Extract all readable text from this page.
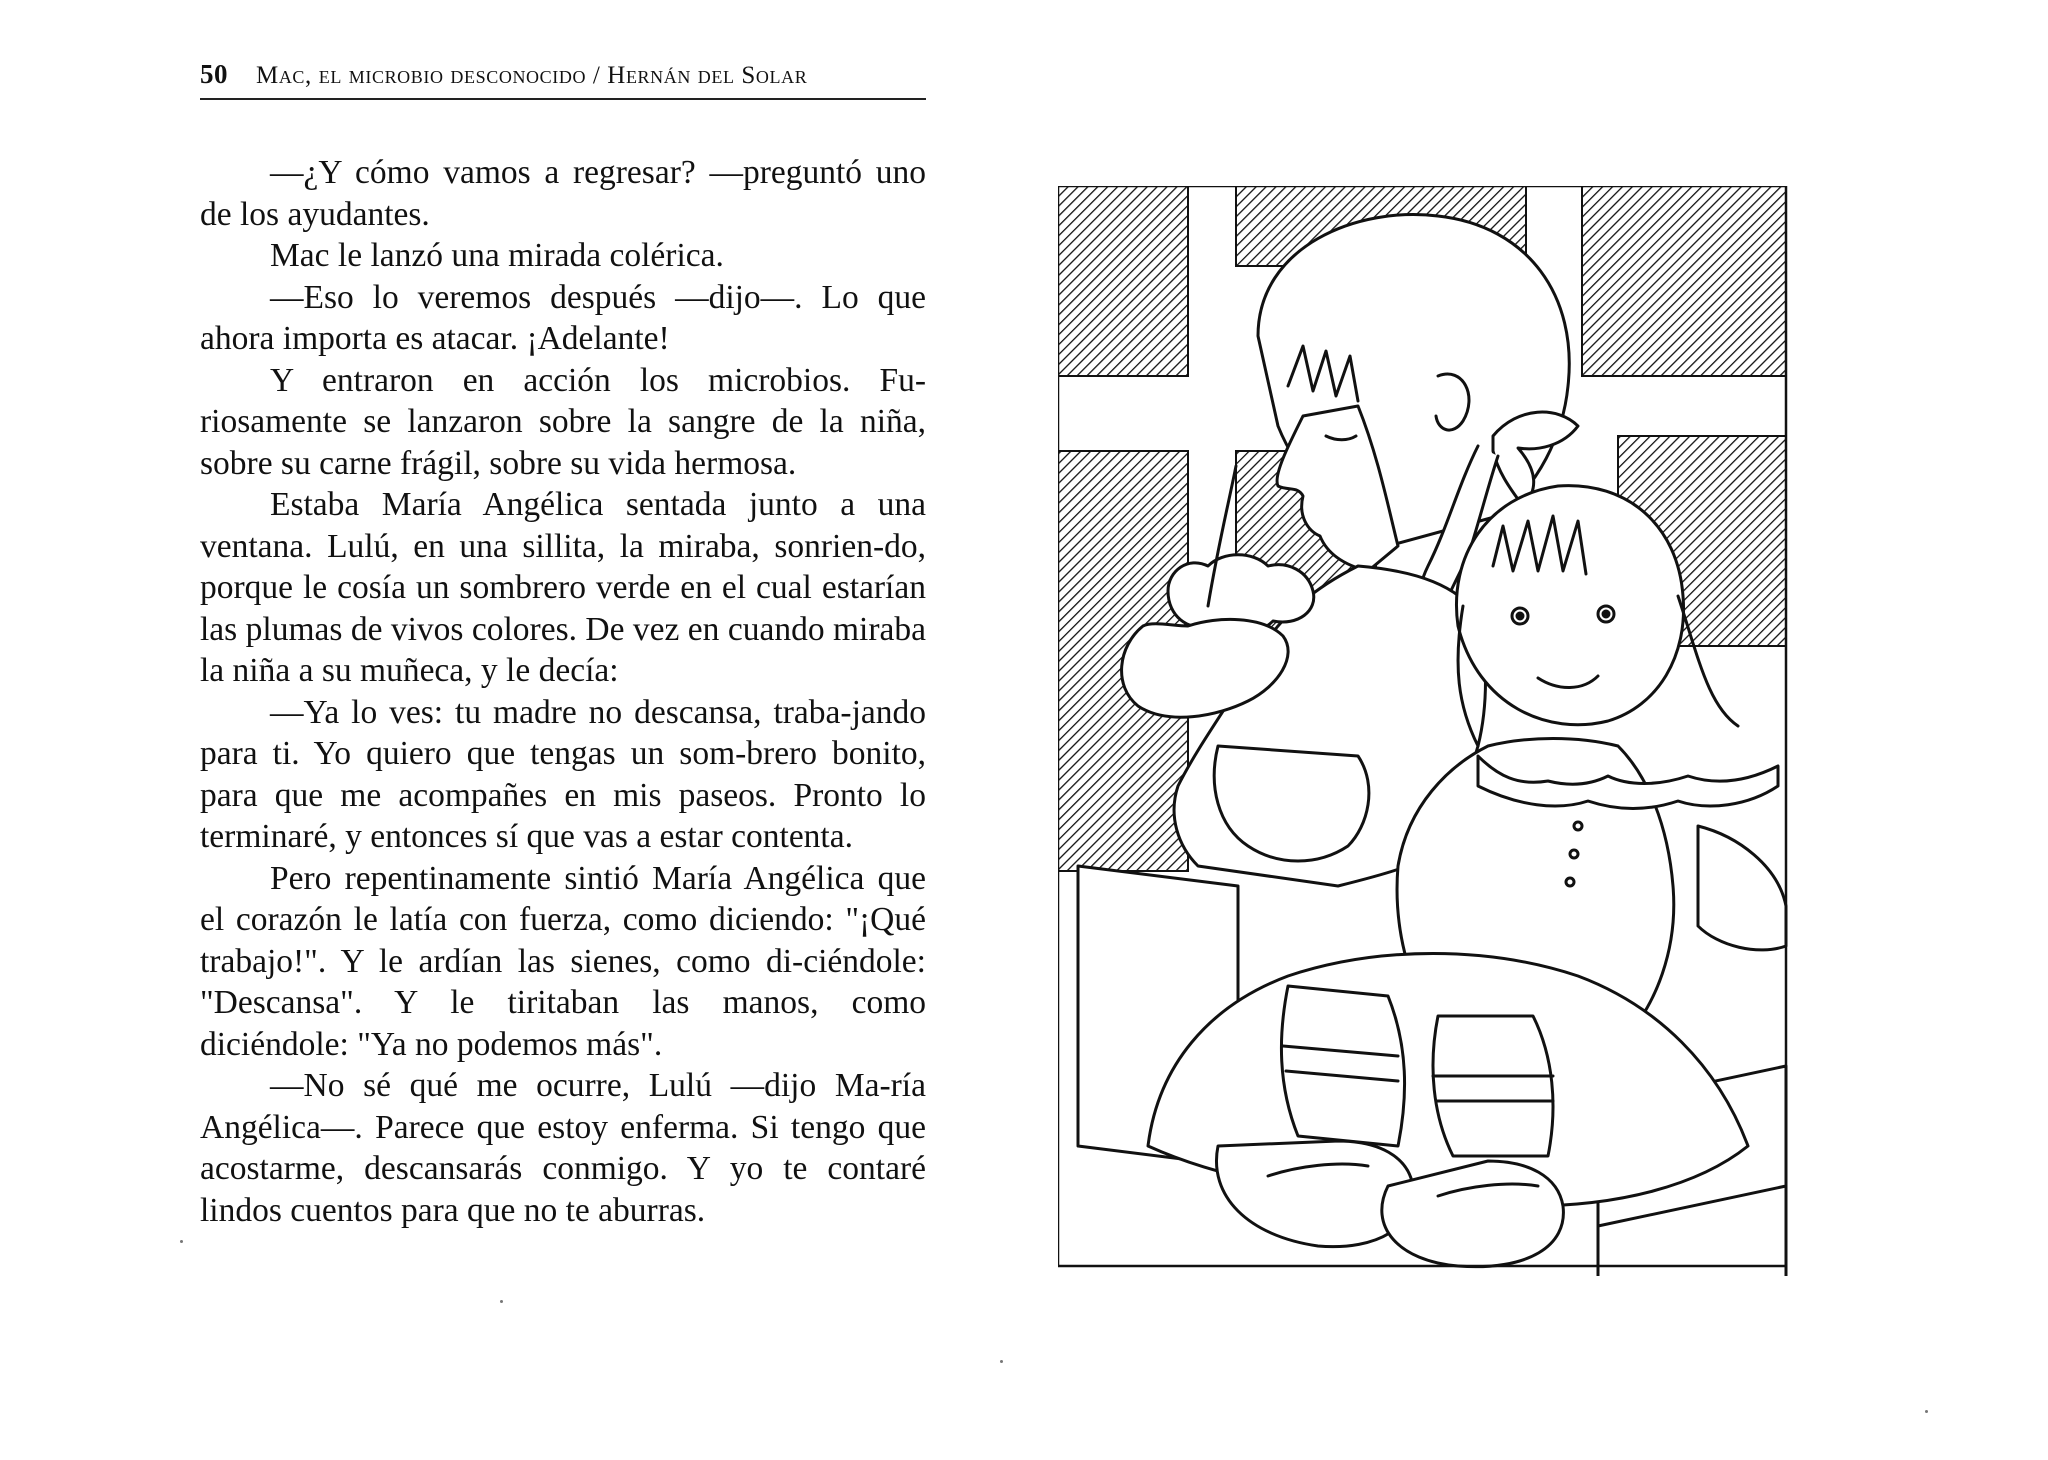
50 Mac, el microbio desconocido / Hernán del Solar

—¿Y cómo vamos a regresar? —preguntó uno de los ayudantes.

Mac le lanzó una mirada colérica.

—Eso lo veremos después —dijo—. Lo que ahora importa es atacar. ¡Adelante!

Y entraron en acción los microbios. Fu-riosamente se lanzaron sobre la sangre de la niña, sobre su carne frágil, sobre su vida hermosa.

Estaba María Angélica sentada junto a una ventana. Lulú, en una sillita, la miraba, sonrien-do, porque le cosía un sombrero verde en el cual estarían las plumas de vivos colores. De vez en cuando miraba la niña a su muñeca, y le decía:

—Ya lo ves: tu madre no descansa, traba-jando para ti. Yo quiero que tengas un som-brero bonito, para que me acompañes en mis paseos. Pronto lo terminaré, y entonces sí que vas a estar contenta.

Pero repentinamente sintió María Angélica que el corazón le latía con fuerza, como diciendo: "¡Qué trabajo!". Y le ardían las sienes, como di-ciéndole: "Descansa". Y le tiritaban las manos, como diciéndole: "Ya no podemos más".

—No sé qué me ocurre, Lulú —dijo Ma-ría Angélica—. Parece que estoy enferma. Si tengo que acostarme, descansarás conmigo. Y yo te contaré lindos cuentos para que no te aburras.
